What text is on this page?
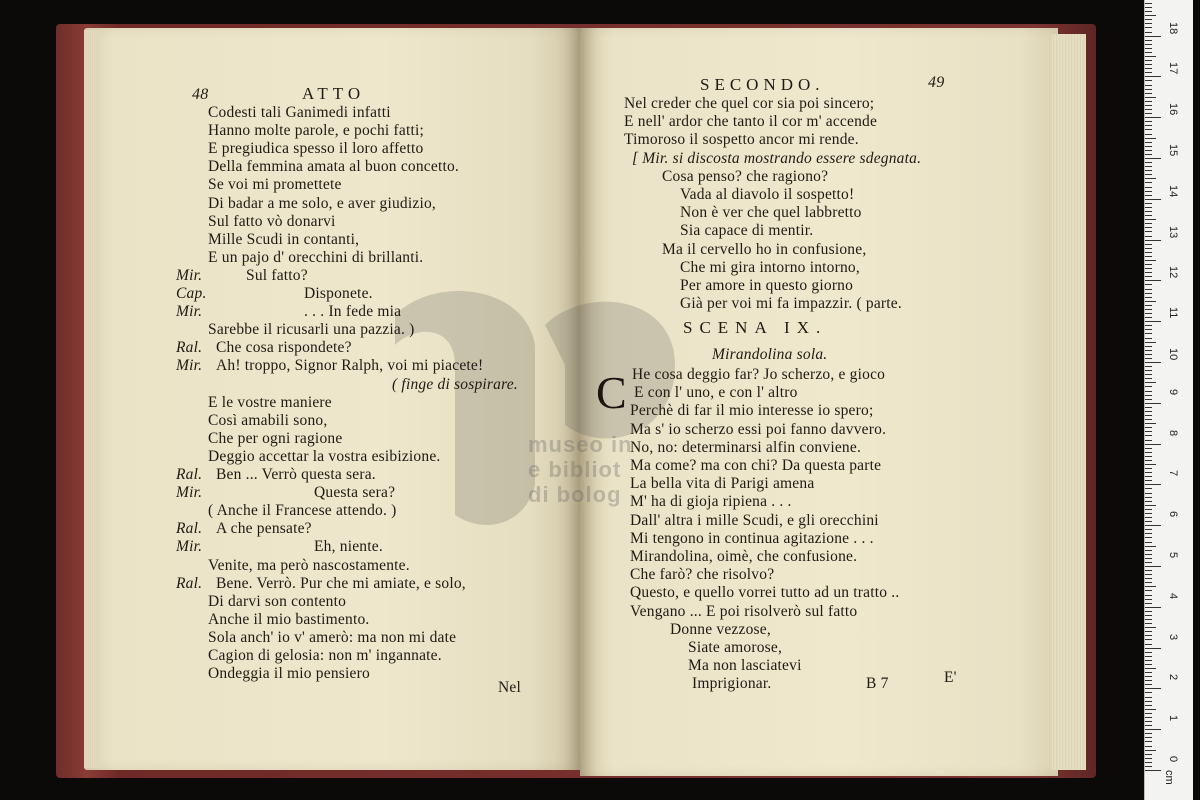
museo in
e bibliot
di bolog
48	ATTO
Codesti tali Ganimedi infatti
Hanno molte parole, e pochi fatti;
E pregiudica spesso il loro affetto
Della femmina amata al buon concetto.
Se voi mi promettete
Di badar a me solo, e aver giudizio,
Sul fatto vò donarvi
Mille Scudi in contanti,
E un pajo d' orecchini di brillanti.
Mir.	Sul fatto?
Cap.	Disponete.
Mir.	. . . In fede mia
Sarebbe il ricusarli una pazzia. )
Ral. Che cosa rispondete?
Mir. Ah! troppo, Signor Ralph, voi mi piacete!
( finge di sospirare.
E le vostre maniere
Così amabili sono,
Che per ogni ragione
Deggio accettar la vostra esibizione.
Ral. Ben ... Verrò questa sera.
Mir.	Questa sera?
( Anche il Francese attendo. )
Ral. A che pensate?
Mir.	Eh, niente.
Venite, ma però nascostamente.
Ral. Bene. Verrò. Pur che mi amiate, e solo,
Di darvi son contento
Anche il mio bastimento.
Sola anch' io v' amerò: ma non mi date
Cagion di gelosia: non m' ingannate.
Ondeggia il mio pensiero
Nel
SECONDO.	49
Nel creder che quel cor sia poi sincero;
E nell' ardor che tanto il cor m' accende
Timoroso il sospetto ancor mi rende.
[ Mir. si discosta mostrando essere sdegnata.
Cosa penso? che ragiono?
Vada al diavolo il sospetto!
Non è ver che quel labbretto
Sia capace di mentir.
Ma il cervello ho in confusione,
Che mi gira intorno intorno,
Per amore in questo giorno
Già per voi mi fa impazzir. ( parte.
SCENA IX.
Mirandolina sola.
C He cosa deggio far? Jo scherzo, e gioco
E con l' uno, e con l' altro
Perchè di far il mio interesse io spero;
Ma s' io scherzo essi poi fanno davvero.
No, no: determinarsi alfin conviene.
Ma come? ma con chi? Da questa parte
La bella vita di Parigi amena
M' ha di gioja ripiena . . .
Dall' altra i mille Scudi, e gli orecchini
Mi tengono in continua agitazione . . .
Mirandolina, oimè, che confusione.
Che farò? che risolvo?
Questo, e quello vorrei tutto ad un tratto ..
Vengano ... E poi risolverò sul fatto
Donne vezzose,
Siate amorose,
Ma non lasciatevi
Imprigionar.	B 7	E'
cm
18
17
16
15
14
13
12
11
10
9
8
7
6
5
4
3
2
1
0
